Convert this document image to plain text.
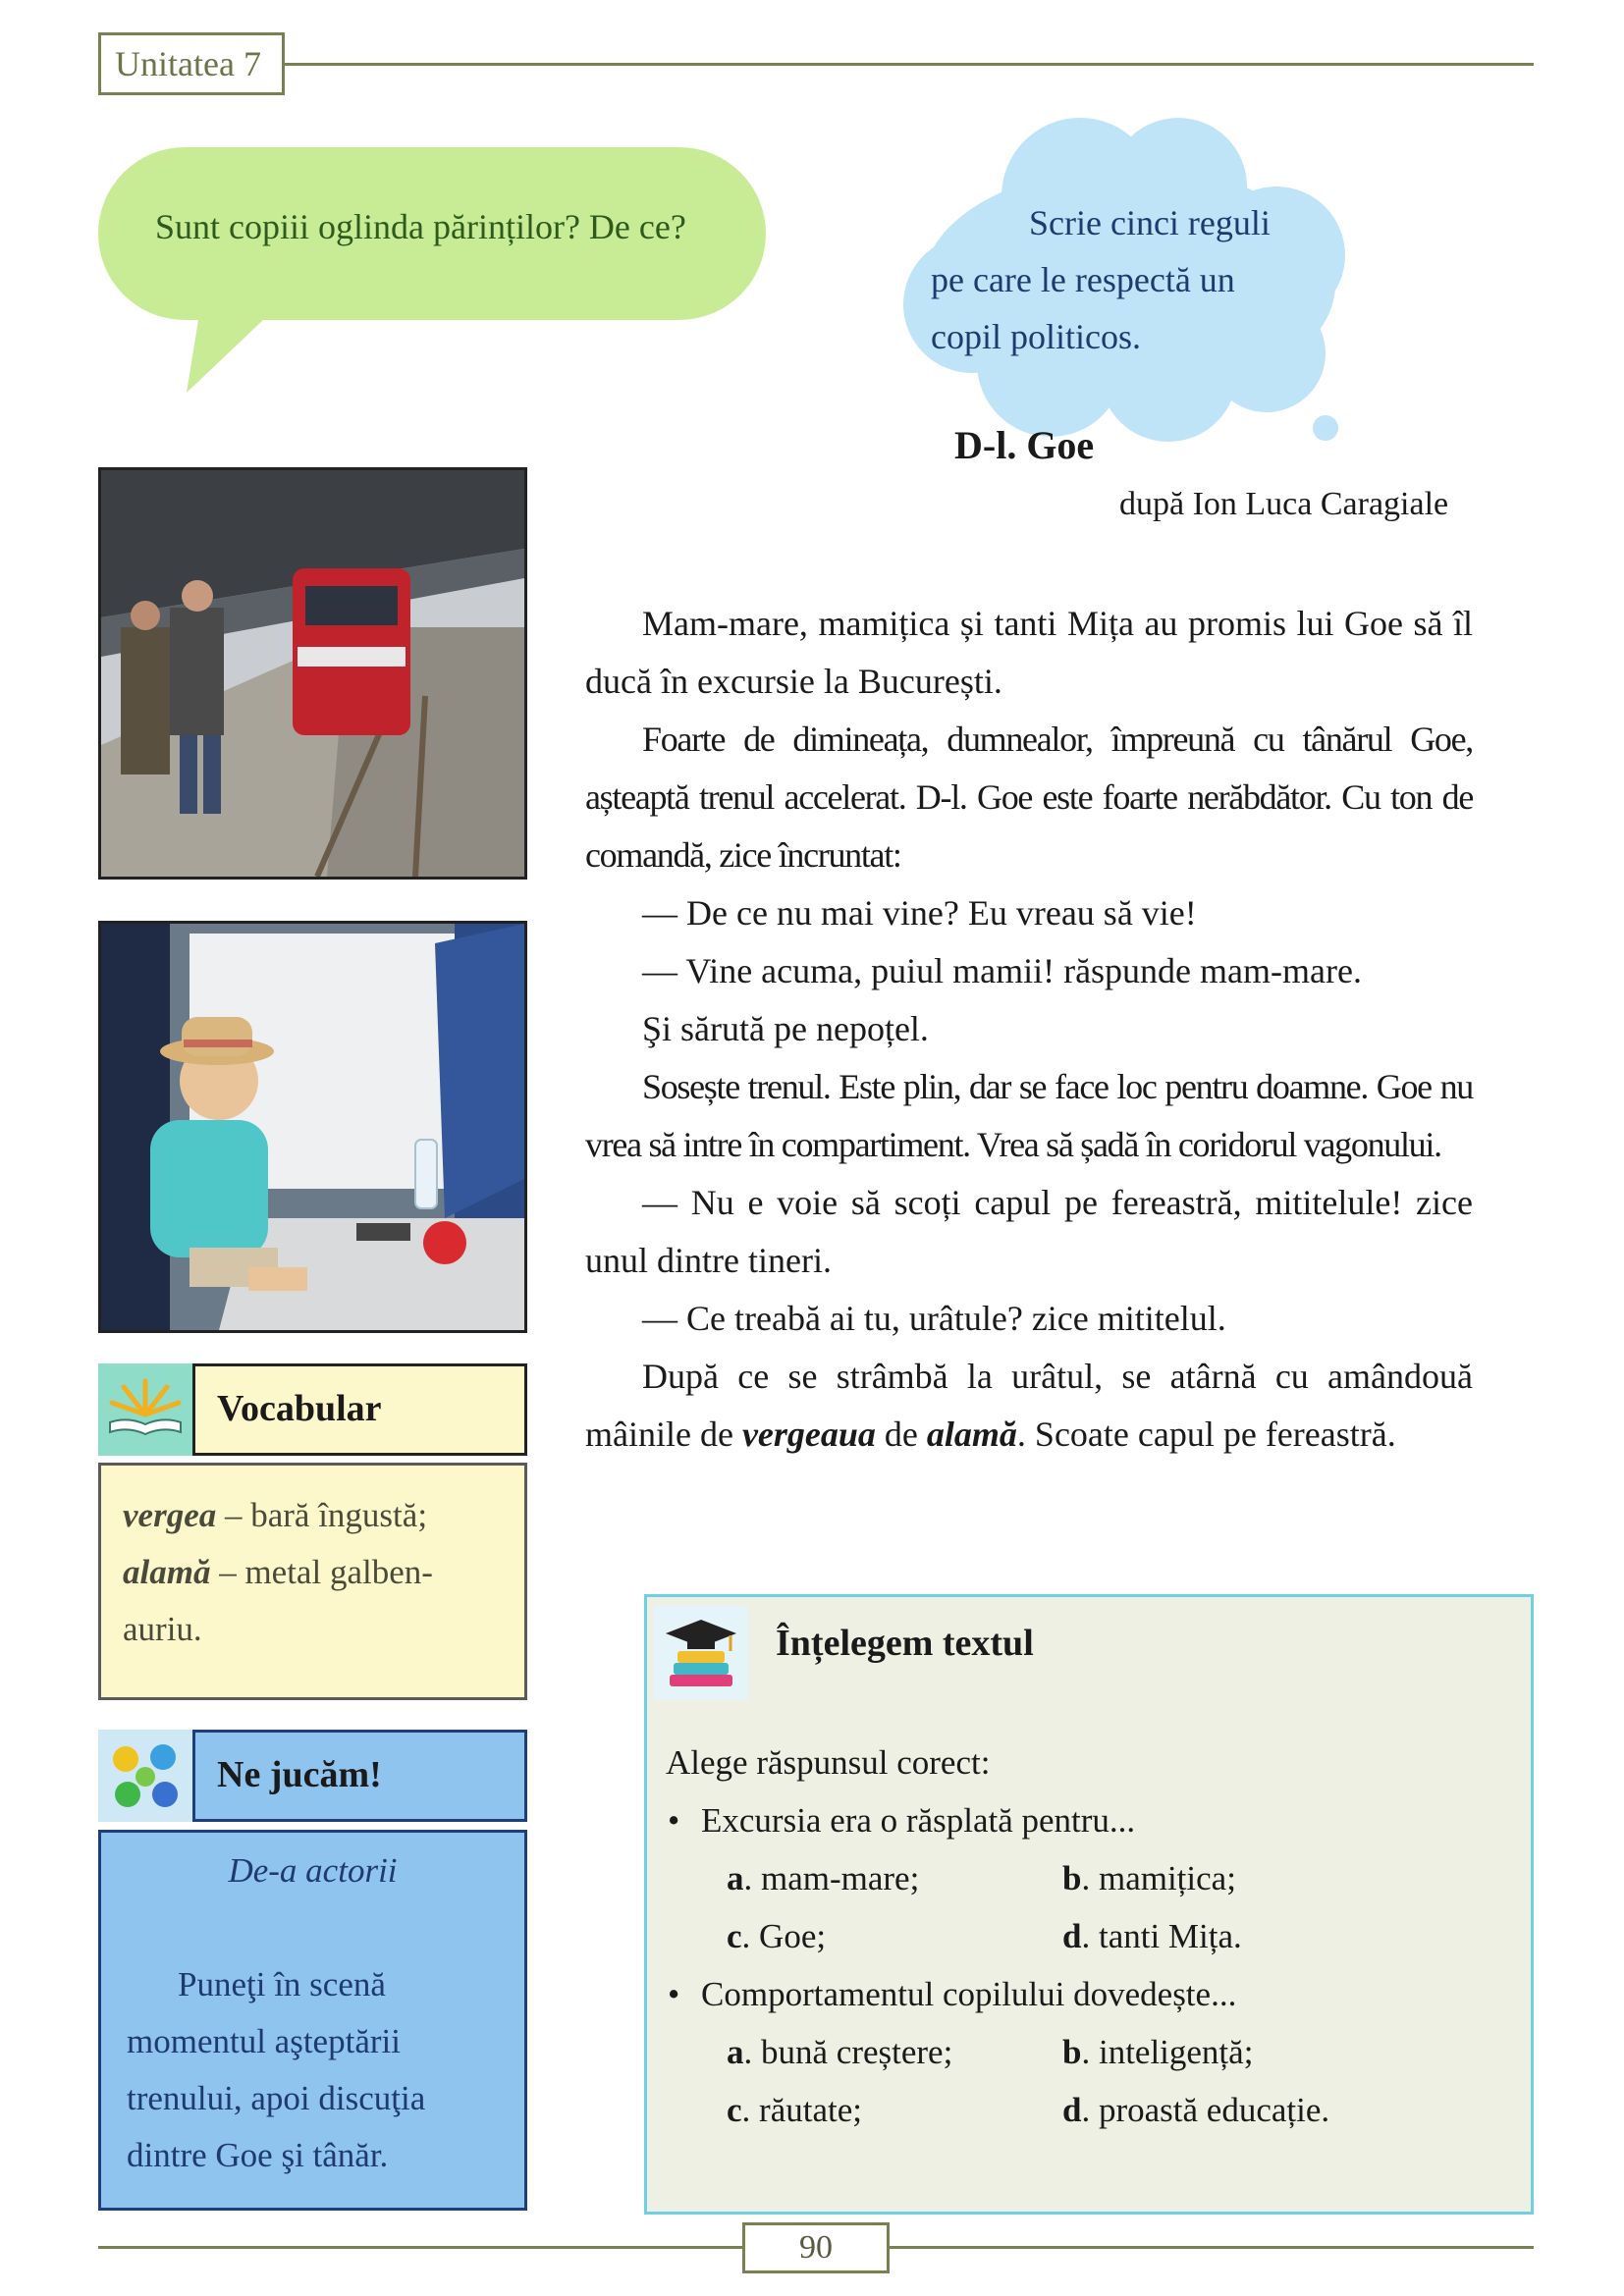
Unitatea 7
Sunt copiii oglinda părinților? De ce?	Scrie cinci reguli
pe care le respectă un
copil politicos.
D-l. Goe
după Ion Luca Caragiale

Mam-mare, mamițica și tanti Mița au promis lui Goe să îl ducă în excursie la București.

Foarte de dimineața, dumnealor, împreună cu tânărul Goe, așteaptă trenul accelerat. D-l. Goe este foarte nerăbdător. Cu ton de comandă, zice încruntat:

— De ce nu mai vine? Eu vreau să vie!

— Vine acuma, puiul mamii! răspunde mam-mare.

Şi sărută pe nepoțel.

Sosește trenul. Este plin, dar se face loc pentru doamne. Goe nu vrea să intre în compartiment. Vrea să șadă în coridorul vagonului.

— Nu e voie să scoți capul pe fereastră, mititelule! zice unul dintre tineri.

— Ce treabă ai tu, urâtule? zice mititelul.

După ce se strâmbă la urâtul, se atârnă cu amândouă mâinile de vergeaua de alamă. Scoate capul pe fereastră.

Vocabular
vergea – bară îngustă;
alamă – metal galben-auriu.
Ne jucăm!
De-a actorii
Puneţi în scenă momentul aşteptării trenului, apoi discuţia dintre Goe şi tânăr.
Înțelegem textul
Alege răspunsul corect:
• Excursia era o răsplată pentru...
a. mam-mare;	b. mamițica;
c. Goe;	d. tanti Mița.
• Comportamentul copilului dovedește...
a. bună creștere;	b. inteligență;
c. răutate;	d. proastă educație.
90
